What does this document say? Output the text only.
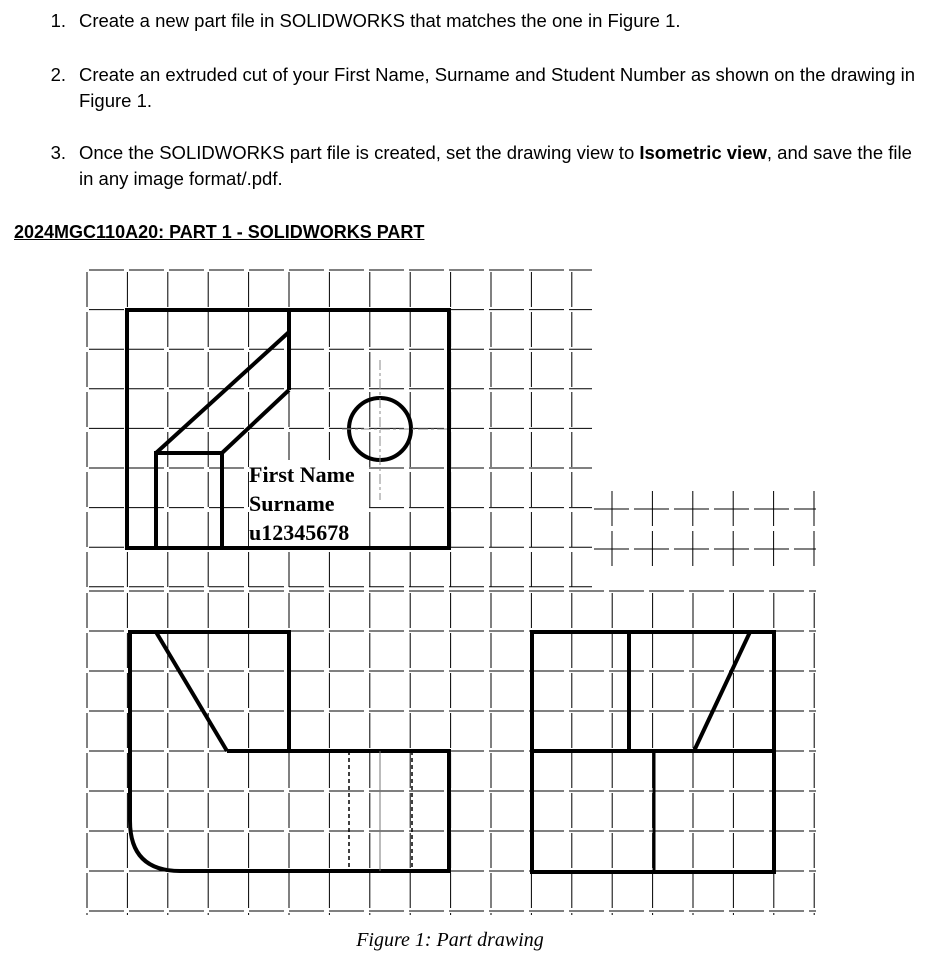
1. Create a new part file in SOLIDWORKS that matches the one in Figure 1.
2. Create an extruded cut of your First Name, Surname and Student Number as shown on the drawing in Figure 1.
3. Once the SOLIDWORKS part file is created, set the drawing view to Isometric view, and save the file in any image format/.pdf.
2024MGC110A20: PART 1 - SOLIDWORKS PART
First Name
Surname
u12345678
Figure 1: Part drawing
